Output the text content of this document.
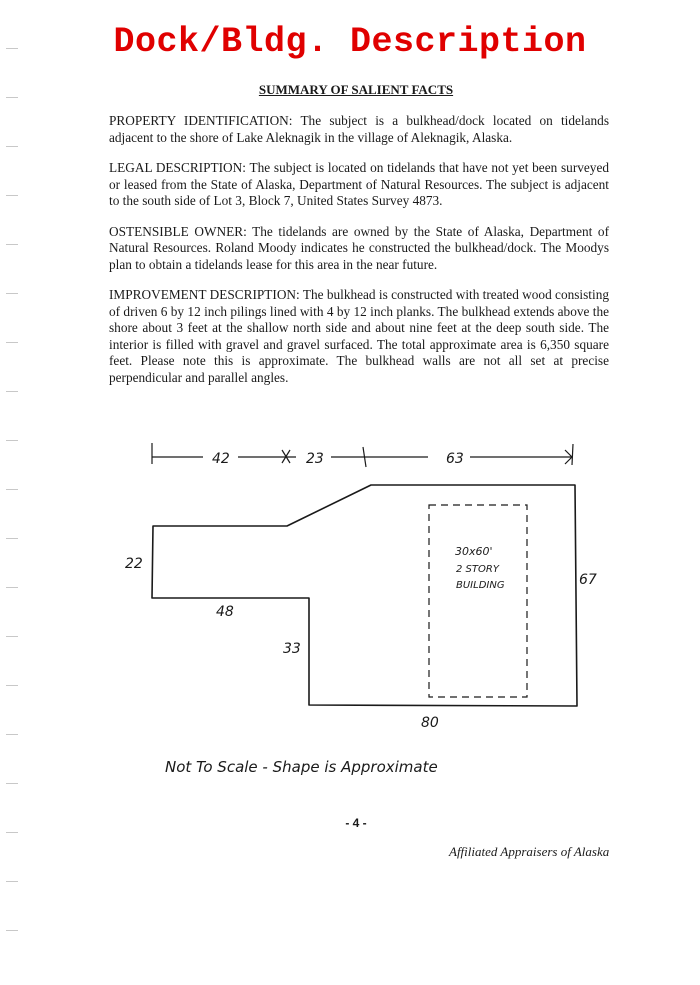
Dock/Bldg. Description
SUMMARY OF SALIENT FACTS

PROPERTY IDENTIFICATION: The subject is a bulkhead/dock located on tidelands adjacent to the shore of Lake Aleknagik in the village of Aleknagik, Alaska.

LEGAL DESCRIPTION: The subject is located on tidelands that have not yet been surveyed or leased from the State of Alaska, Department of Natural Resources. The subject is adjacent to the south side of Lot 3, Block 7, United States Survey 4873.

OSTENSIBLE OWNER: The tidelands are owned by the State of Alaska, Department of Natural Resources. Roland Moody indicates he constructed the bulkhead/dock. The Moodys plan to obtain a tidelands lease for this area in the near future.

IMPROVEMENT DESCRIPTION: The bulkhead is constructed with treated wood consisting of driven 6 by 12 inch pilings lined with 4 by 12 inch planks. The bulkhead extends above the shore about 3 feet at the shallow north side and about nine feet at the deep south side. The interior is filled with gravel and gravel surfaced. The total approximate area is 6,350 square feet. Please note this is approximate. The bulkhead walls are not all set at precise perpendicular and parallel angles.

42	23	63
30x60'
2 STORY
BUILDING
22
48
33
67
80
Not To Scale - Shape is Approximate
- 4 -
Affiliated Appraisers of Alaska
